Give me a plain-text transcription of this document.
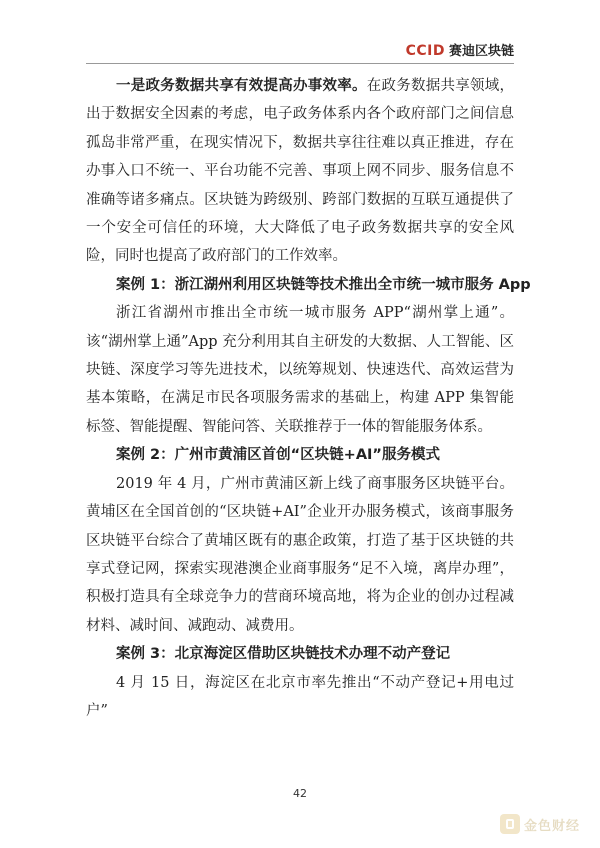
CCID 赛迪区块链

一是政务数据共享有效提高办事效率。在政务数据共享领域，出于数据安全因素的考虑，电子政务体系内各个政府部门之间信息孤岛非常严重，在现实情况下，数据共享往往难以真正推进，存在办事入口不统一、平台功能不完善、事项上网不同步、服务信息不准确等诸多痛点。区块链为跨级别、跨部门数据的互联互通提供了一个安全可信任的环境，大大降低了电子政务数据共享的安全风险，同时也提高了政府部门的工作效率。

案例 1：浙江湖州利用区块链等技术推出全市统一城市服务 App

浙江省湖州市推出全市统一城市服务 APP“湖州掌上通”。该“湖州掌上通”App 充分利用其自主研发的大数据、人工智能、区块链、深度学习等先进技术，以统筹规划、快速迭代、高效运营为基本策略，在满足市民各项服务需求的基础上，构建 APP 集智能标签、智能提醒、智能问答、关联推荐于一体的智能服务体系。

案例 2：广州市黄浦区首创“区块链+AI”服务模式

2019 年 4 月，广州市黄浦区新上线了商事服务区块链平台。黄埔区在全国首创的“区块链+AI”企业开办服务模式，该商事服务区块链平台综合了黄埔区既有的惠企政策，打造了基于区块链的共享式登记网，探索实现港澳企业商事服务“足不入境，离岸办理”，积极打造具有全球竞争力的营商环境高地，将为企业的创办过程减材料、减时间、减跑动、减费用。

案例 3：北京海淀区借助区块链技术办理不动产登记

4 月 15 日，海淀区在北京市率先推出“不动产登记+用电过户”

42
金色财经
